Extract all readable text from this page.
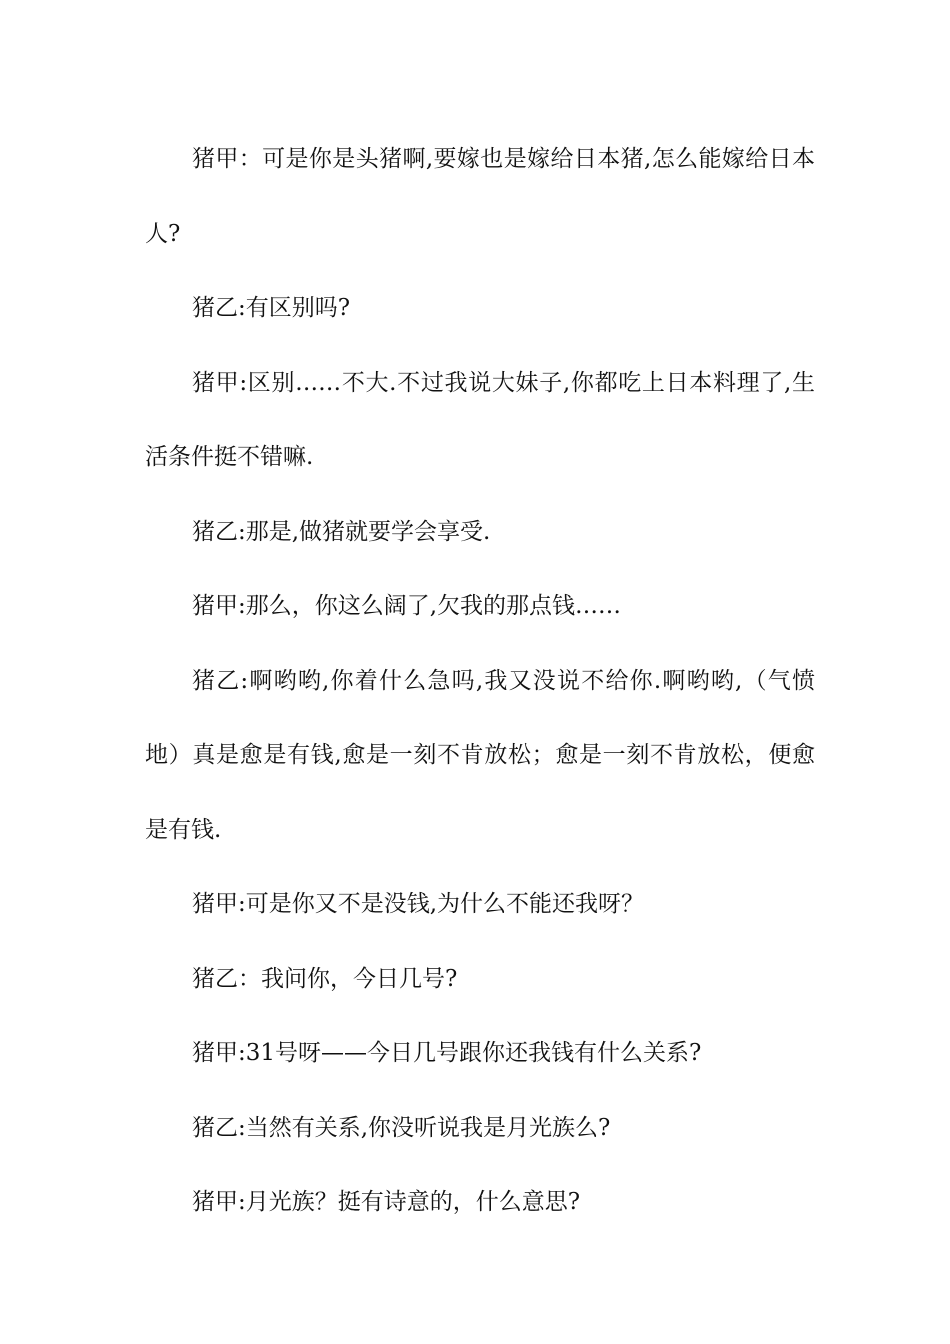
猪甲：可是你是头猪啊,要嫁也是嫁给日本猪,怎么能嫁给日本人?

猪乙:有区别吗?

猪甲:区别……不大.不过我说大妹子,你都吃上日本料理了,生活条件挺不错嘛.

猪乙:那是,做猪就要学会享受.

猪甲:那么，你这么阔了,欠我的那点钱……

猪乙:啊哟哟,你着什么急吗,我又没说不给你.啊哟哟,（气愤地）真是愈是有钱,愈是一刻不肯放松；愈是一刻不肯放松，便愈是有钱.

猪甲:可是你又不是没钱,为什么不能还我呀？

猪乙：我问你，今日几号?

猪甲:31号呀——今日几号跟你还我钱有什么关系?

猪乙:当然有关系,你没听说我是月光族么?

猪甲:月光族？挺有诗意的，什么意思?
